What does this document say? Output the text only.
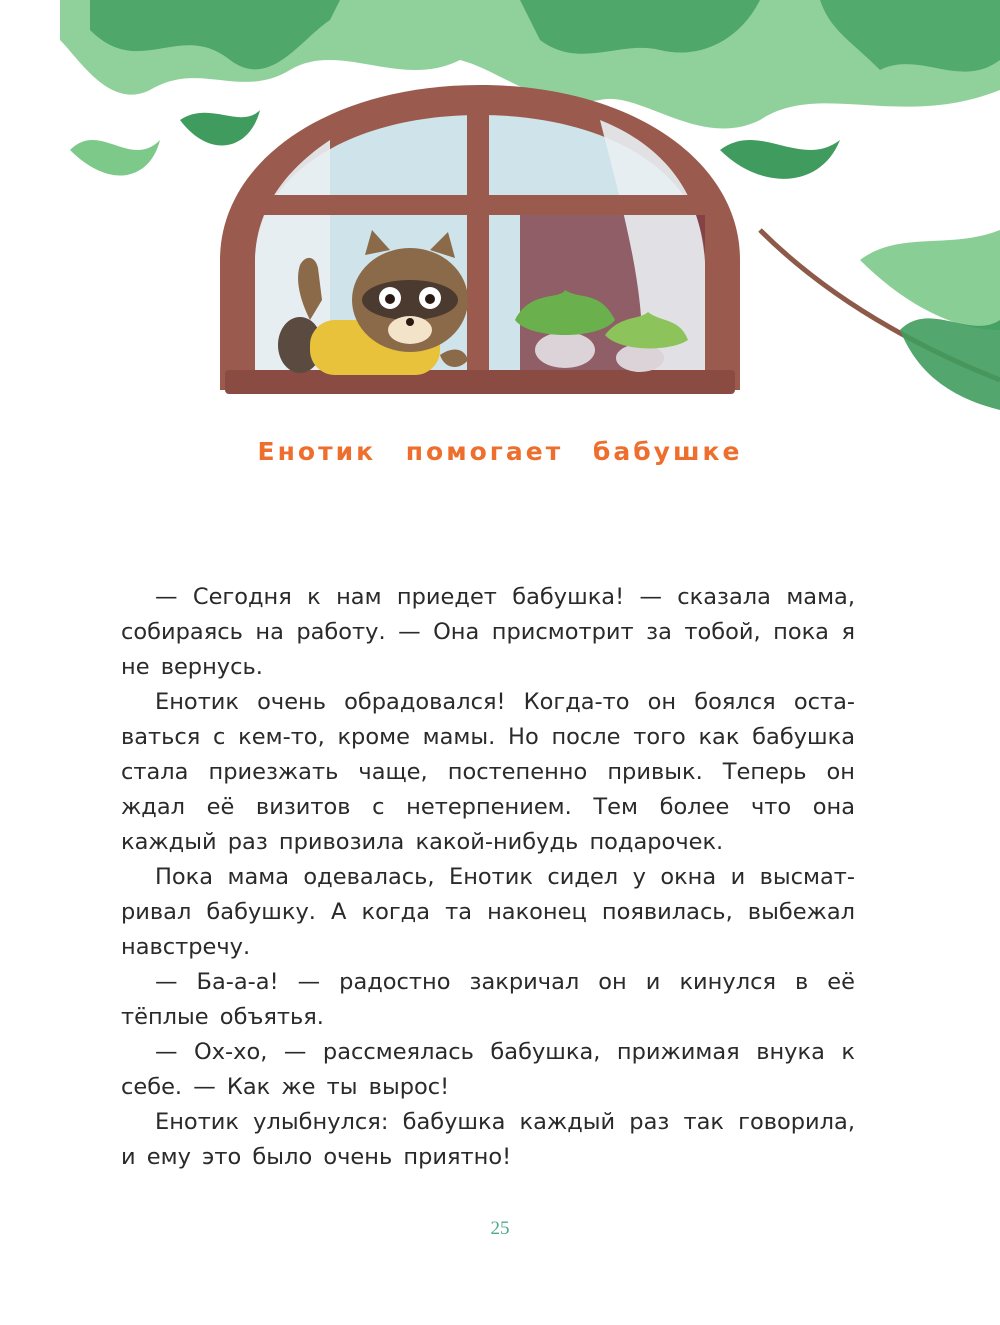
Енотик помогает бабушке

— Сегодня к нам приедет бабушка! — сказала мама, собираясь на работу. — Она присмотрит за тобой, пока я не вернусь.

Енотик очень обрадовался! Когда-то он боялся оставаться с кем-то, кроме мамы. Но после того как бабушка стала приезжать чаще, постепенно привык. Теперь он ждал её визитов с нетерпением. Тем более что она каждый раз привозила какой-нибудь подарочек.

Пока мама одевалась, Енотик сидел у окна и высматривал бабушку. А когда та наконец появилась, выбежал навстречу.

— Ба-а-а! — радостно закричал он и кинулся в её тёплые объятья.

— Ох-хо, — рассмеялась бабушка, прижимая внука к себе. — Как же ты вырос!

Енотик улыбнулся: бабушка каждый раз так говорила, и ему это было очень приятно!

25
